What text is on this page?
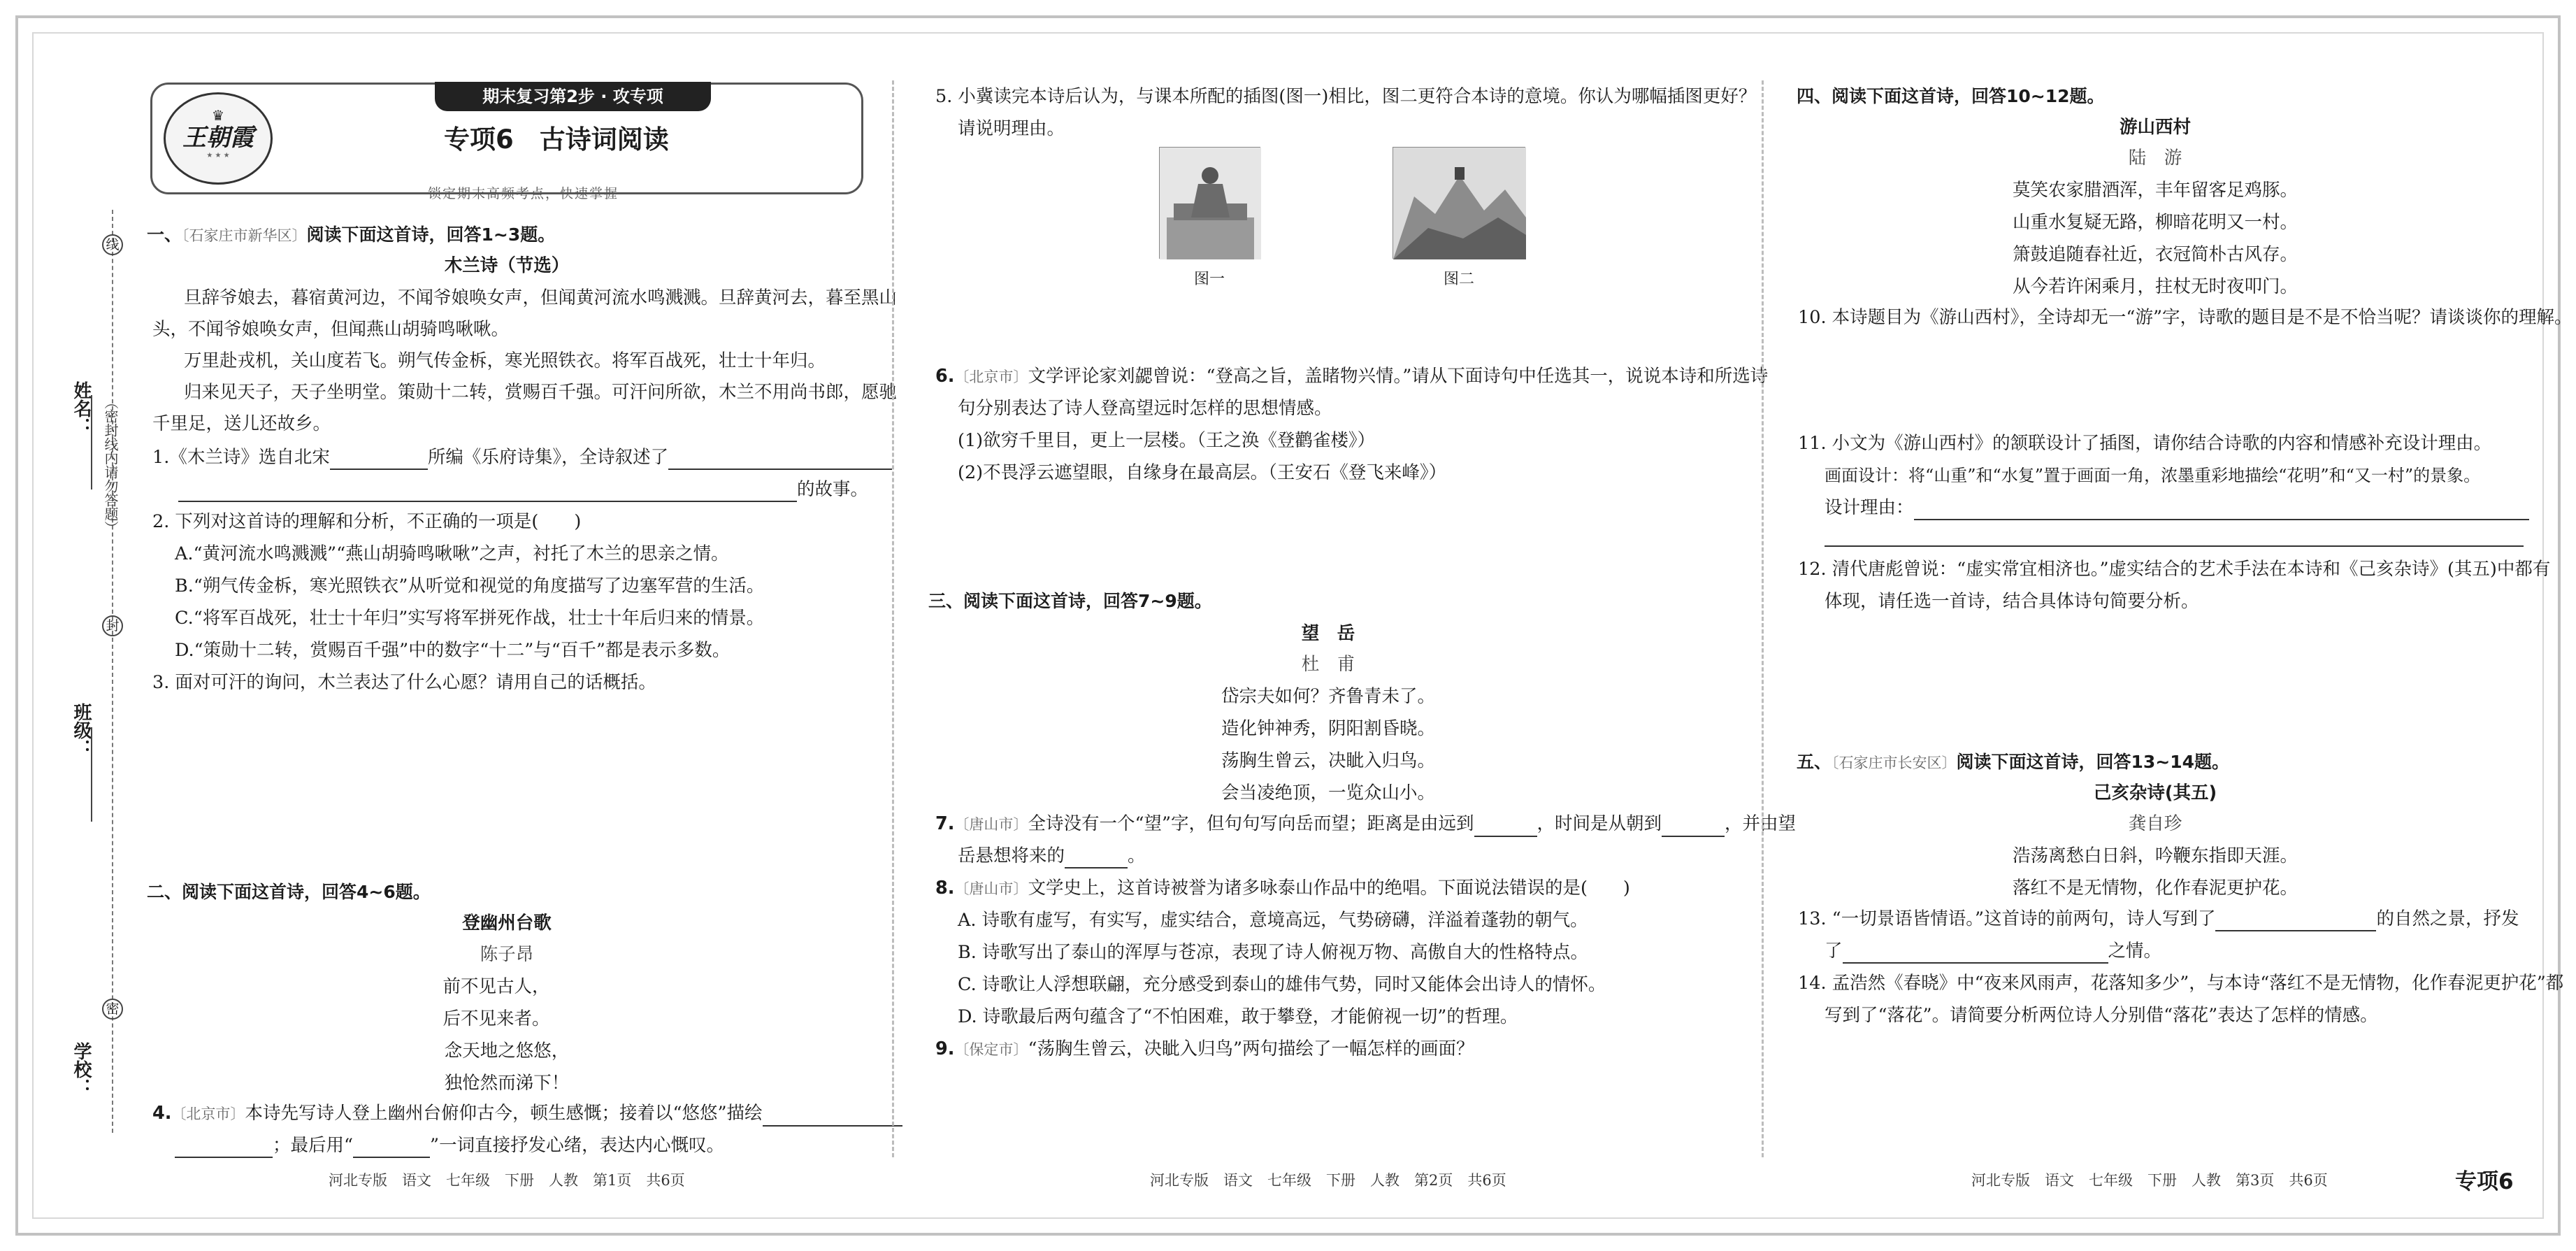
姓名：
班级：
学校：
线
封
密
（密封线内请勿答题）
♛
王朝霞
★ ★ ★
期末复习第2步 · 攻专项
专项6　古诗词阅读
锁定期末高频考点，快速掌握
一、〔石家庄市新华区〕阅读下面这首诗，回答1~3题。
木兰诗（节选）
旦辞爷娘去，暮宿黄河边，不闻爷娘唤女声，但闻黄河流水鸣溅溅。旦辞黄河去，暮至黑山
头，不闻爷娘唤女声，但闻燕山胡骑鸣啾啾。
万里赴戎机，关山度若飞。朔气传金柝，寒光照铁衣。将军百战死，壮士十年归。
归来见天子，天子坐明堂。策勋十二转，赏赐百千强。可汗问所欲，木兰不用尚书郎，愿驰
千里足，送儿还故乡。
1.《木兰诗》选自北宋	所编《乐府诗集》，全诗叙述了
的故事。
2. 下列对这首诗的理解和分析，不正确的一项是(　　)
A.“黄河流水鸣溅溅”“燕山胡骑鸣啾啾”之声，衬托了木兰的思亲之情。
B.“朔气传金柝，寒光照铁衣”从听觉和视觉的角度描写了边塞军营的生活。
C.“将军百战死，壮士十年归”实写将军拼死作战，壮士十年后归来的情景。
D.“策勋十二转，赏赐百千强”中的数字“十二”与“百千”都是表示多数。
3. 面对可汗的询问，木兰表达了什么心愿？请用自己的话概括。
二、阅读下面这首诗，回答4~6题。
登幽州台歌
陈子昂
前不见古人，
后不见来者。
念天地之悠悠，
独怆然而涕下！
4.〔北京市〕本诗先写诗人登上幽州台俯仰古今，顿生感慨；接着以“悠悠”描绘
；最后用“	”一词直接抒发心绪，表达内心慨叹。
河北专版　语文　七年级　下册　人教　第1页　共6页
5. 小冀读完本诗后认为，与课本所配的插图(图一)相比，图二更符合本诗的意境。你认为哪幅插图更好？
请说明理由。
图一	图二
6.〔北京市〕文学评论家刘勰曾说：“登高之旨，盖睹物兴情。”请从下面诗句中任选其一，说说本诗和所选诗
句分别表达了诗人登高望远时怎样的思想情感。
(1)欲穷千里目，更上一层楼。（王之涣《登鹳雀楼》）
(2)不畏浮云遮望眼，自缘身在最高层。（王安石《登飞来峰》）
三、阅读下面这首诗，回答7~9题。
望　岳
杜　甫
岱宗夫如何？齐鲁青未了。
造化钟神秀，阴阳割昏晓。
荡胸生曾云，决眦入归鸟。
会当凌绝顶，一览众山小。
7.〔唐山市〕全诗没有一个“望”字，但句句写向岳而望；距离是由远到	，时间是从朝到	，并由望
岳悬想将来的	。
8.〔唐山市〕文学史上，这首诗被誉为诸多咏泰山作品中的绝唱。下面说法错误的是(　　)
A. 诗歌有虚写，有实写，虚实结合，意境高远，气势磅礴，洋溢着蓬勃的朝气。
B. 诗歌写出了泰山的浑厚与苍凉，表现了诗人俯视万物、高傲自大的性格特点。
C. 诗歌让人浮想联翩，充分感受到泰山的雄伟气势，同时又能体会出诗人的情怀。
D. 诗歌最后两句蕴含了“不怕困难，敢于攀登，才能俯视一切”的哲理。
9.〔保定市〕“荡胸生曾云，决眦入归鸟”两句描绘了一幅怎样的画面？
河北专版　语文　七年级　下册　人教　第2页　共6页
四、阅读下面这首诗，回答10~12题。
游山西村
陆　游
莫笑农家腊酒浑，丰年留客足鸡豚。
山重水复疑无路，柳暗花明又一村。
箫鼓追随春社近，衣冠简朴古风存。
从今若许闲乘月，拄杖无时夜叩门。
10. 本诗题目为《游山西村》，全诗却无一“游”字，诗歌的题目是不是不恰当呢？请谈谈你的理解。
11. 小文为《游山西村》的颔联设计了插图，请你结合诗歌的内容和情感补充设计理由。
画面设计：将“山重”和“水复”置于画面一角，浓墨重彩地描绘“花明”和“又一村”的景象。
设计理由：
12. 清代唐彪曾说：“虚实常宜相济也。”虚实结合的艺术手法在本诗和《己亥杂诗》(其五)中都有
体现，请任选一首诗，结合具体诗句简要分析。
五、〔石家庄市长安区〕阅读下面这首诗，回答13~14题。
己亥杂诗(其五)
龚自珍
浩荡离愁白日斜，吟鞭东指即天涯。
落红不是无情物，化作春泥更护花。
13. “一切景语皆情语。”这首诗的前两句，诗人写到了	的自然之景，抒发
了	之情。
14. 孟浩然《春晓》中“夜来风雨声，花落知多少”，与本诗“落红不是无情物，化作春泥更护花”都
写到了“落花”。请简要分析两位诗人分别借“落花”表达了怎样的情感。
河北专版　语文　七年级　下册　人教　第3页　共6页	专项6
